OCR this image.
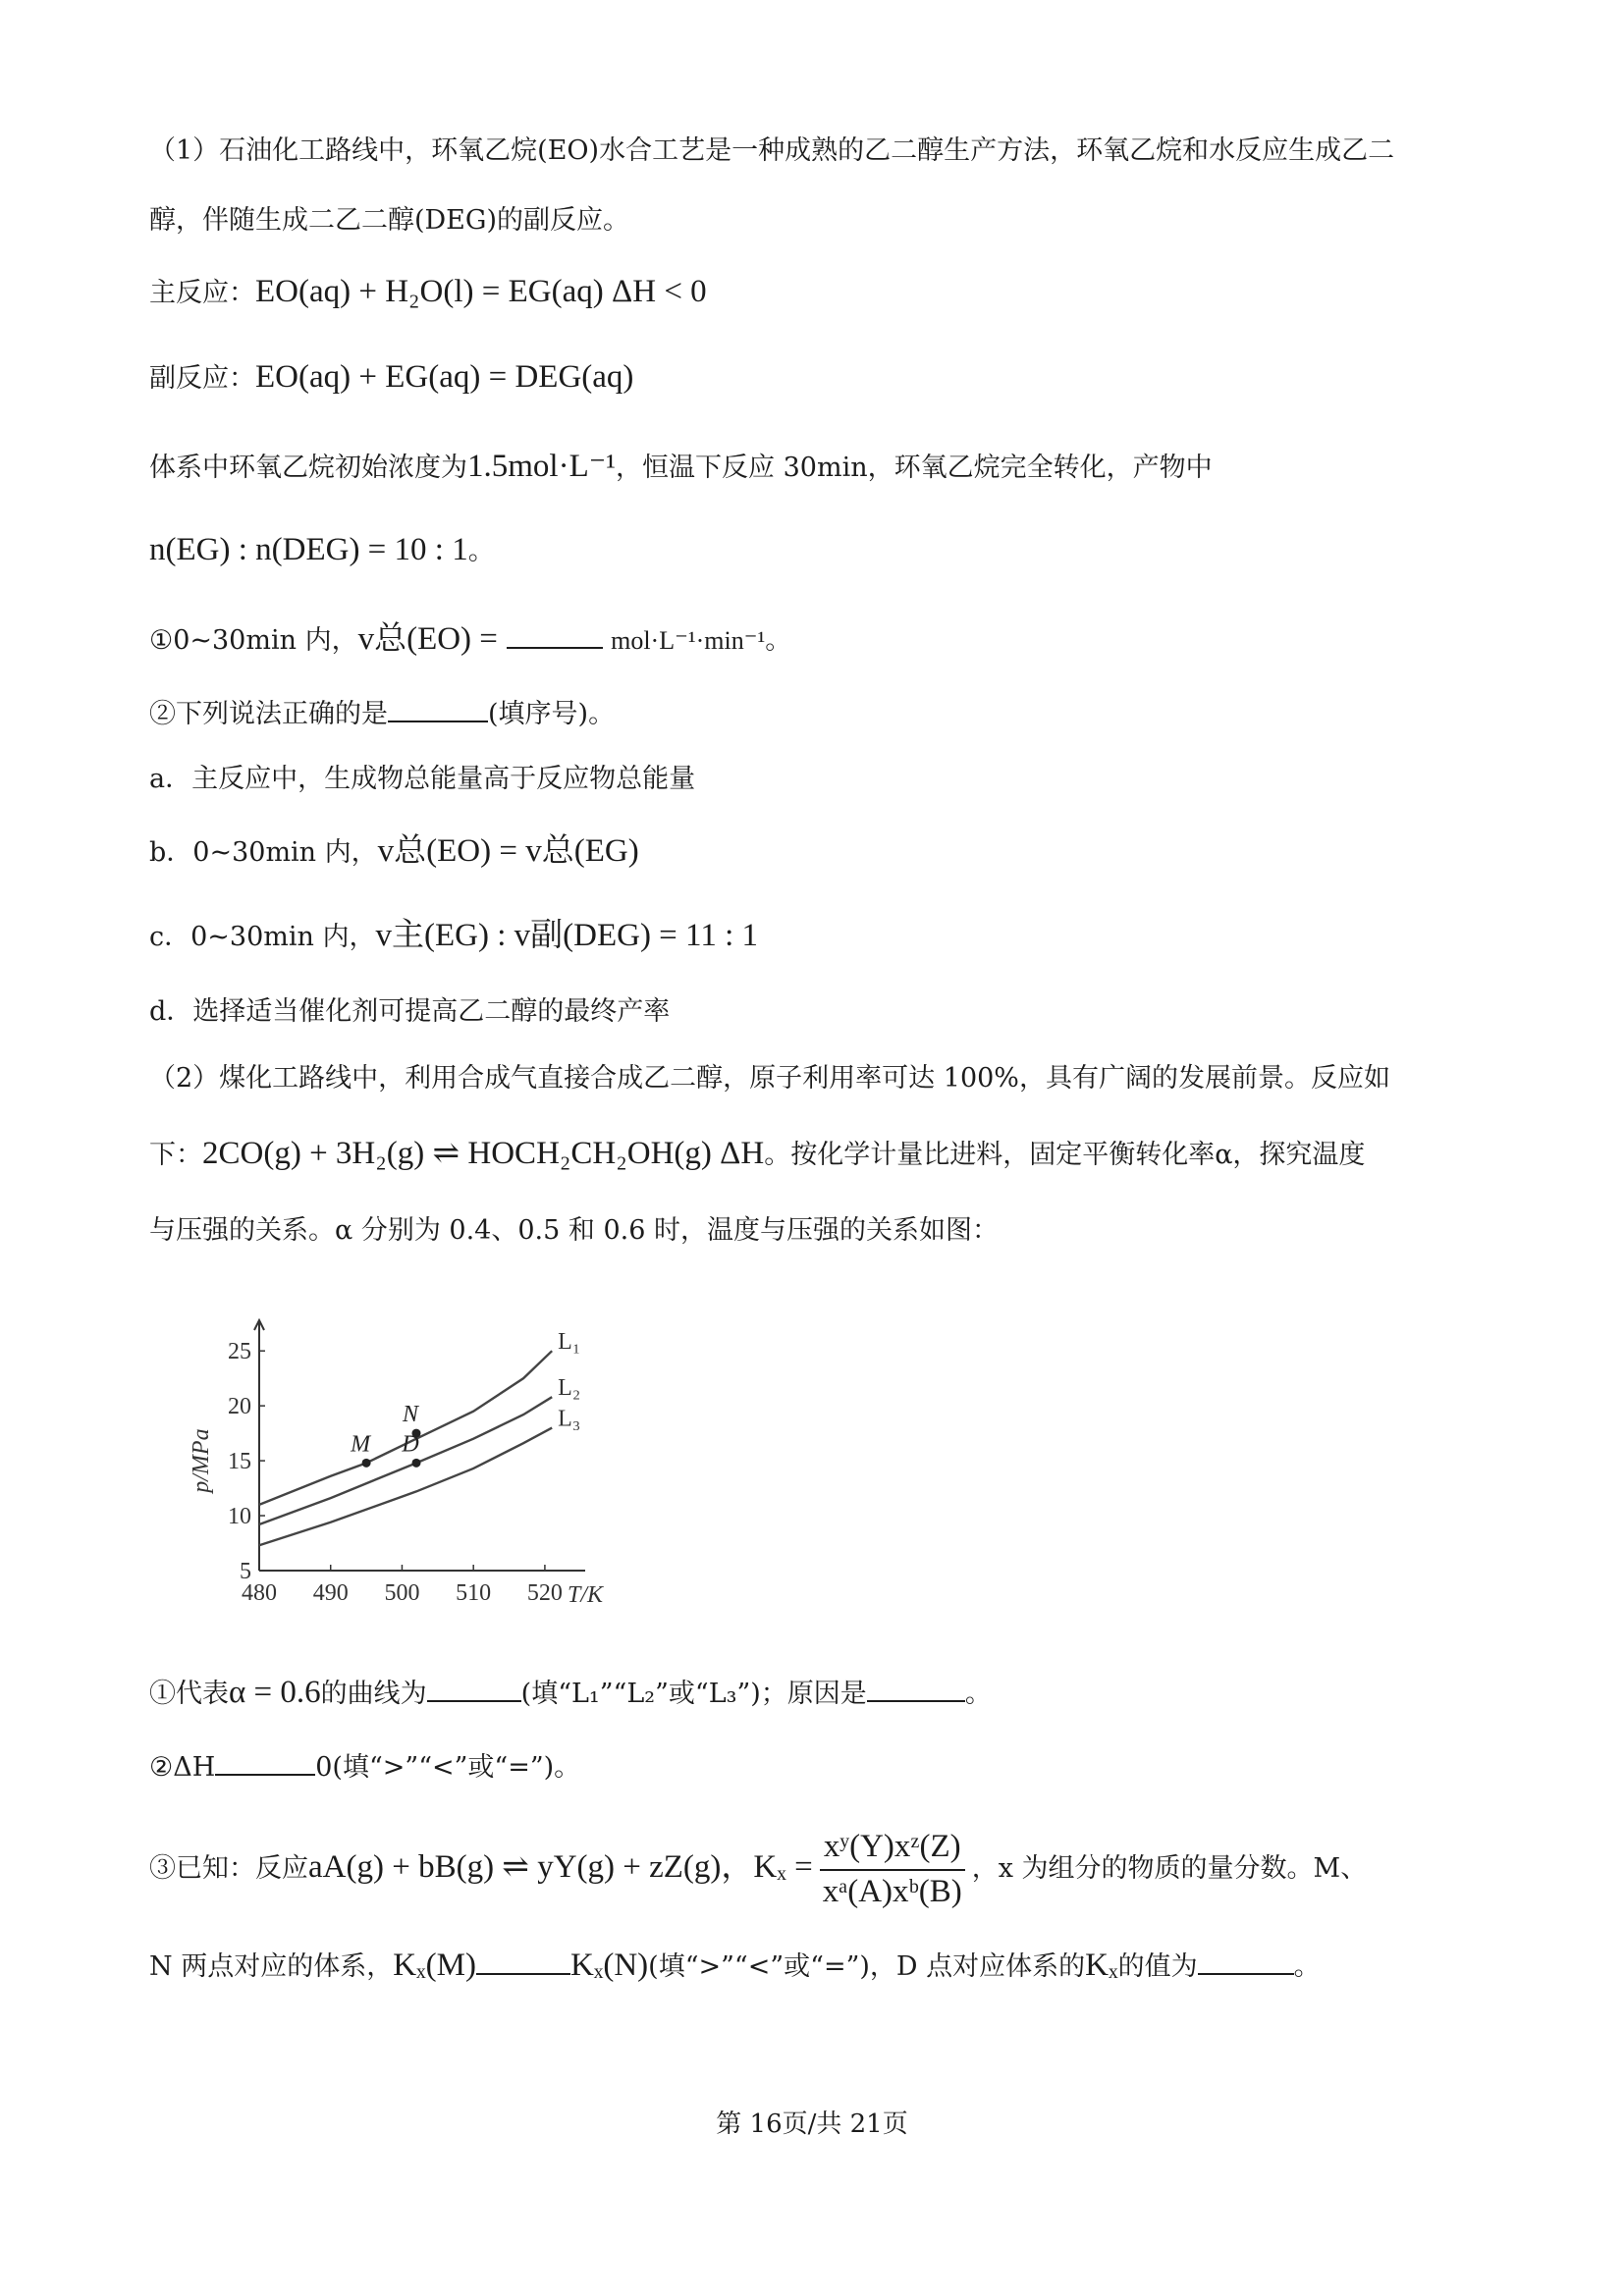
（1）石油化工路线中，环氧乙烷(EO)水合工艺是一种成熟的乙二醇生产方法，环氧乙烷和水反应生成乙二
醇，伴随生成二乙二醇(DEG)的副反应。
主反应：EO(aq) + H₂O(l) = EG(aq) ΔH < 0
副反应：EO(aq) + EG(aq) = DEG(aq)
体系中环氧乙烷初始浓度为1.5mol·L⁻¹，恒温下反应 30min，环氧乙烷完全转化，产物中
n(EG) : n(DEG) = 10 : 1。
①0~30min 内，v总(EO) =	mol·L⁻¹·min⁻¹。
②下列说法正确的是	(填序号)。
a．主反应中，生成物总能量高于反应物总能量
b．0~30min 内，v总(EO) = v总(EG)
c．0~30min 内，v主(EG) : v副(DEG) = 11 : 1
d．选择适当催化剂可提高乙二醇的最终产率
（2）煤化工路线中，利用合成气直接合成乙二醇，原子利用率可达 100%，具有广阔的发展前景。反应如
下：2CO(g) + 3H₂(g) ⇌ HOCH₂CH₂OH(g) ΔH。按化学计量比进料，固定平衡转化率α，探究温度
与压强的关系。α 分别为 0.4、0.5 和 0.6 时，温度与压强的关系如图：
480 490 500 510 520
5
10
15
20
25
T/K
p/MPa
L₁
L₂
L₃
M
N
D
①代表α = 0.6的曲线为	(填“L₁”“L₂”或“L₃”)；原因是	。
②ΔH	0(填“>”“<”或“=”)。
③已知：反应aA(g) + bB(g) ⇌ yY(g) + zZ(g)，$K_x = \frac{\text{xʸ(Y)xᶻ(Z)}}{\text{xᵃ(A)xᵇ(B)}}$ ，x 为组分的物质的量分数。M、
N 两点对应的体系，Kₓ(M)	Kₓ(N)(填“>”“<”或“=”)，D 点对应体系的Kₓ的值为	。
第 16页/共 21页
